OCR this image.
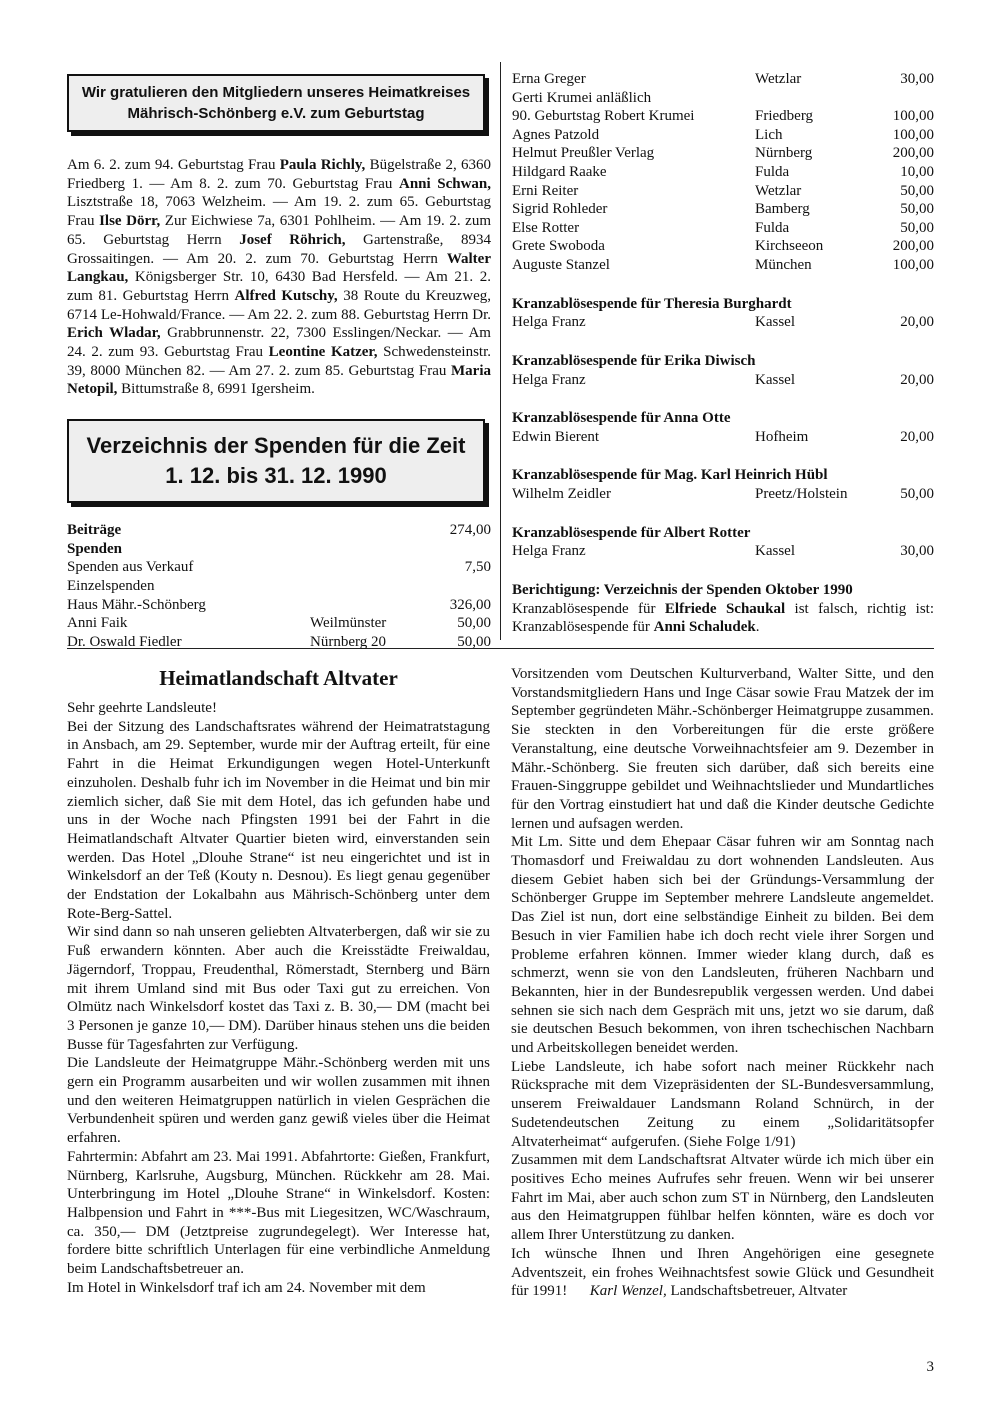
Wir gratulieren den Mitgliedern unseres Heimatkreises
Mährisch-Schönberg e.V. zum Geburtstag

Am 6. 2. zum 94. Geburtstag Frau Paula Richly, Bügelstraße 2, 6360 Friedberg 1. — Am 8. 2. zum 70. Geburtstag Frau Anni Schwan, Lisztstraße 18, 7063 Welzheim. — Am 19. 2. zum 65. Geburtstag Frau Ilse Dörr, Zur Eichwiese 7a, 6301 Pohlheim. — Am 19. 2. zum 65. Geburtstag Herrn Josef Röhrich, Gartenstraße, 8934 Grossaitingen. — Am 20. 2. zum 70. Geburtstag Herrn Walter Langkau, Königsberger Str. 10, 6430 Bad Hersfeld. — Am 21. 2. zum 81. Geburtstag Herrn Alfred Kutschy, 38 Route du Kreuzweg, 6714 Le-Hohwald/France. — Am 22. 2. zum 88. Geburtstag Herrn Dr. Erich Wladar, Grabbrunnenstr. 22, 7300 Esslingen/Neckar. — Am 24. 2. zum 93. Geburtstag Frau Leontine Katzer, Schwedensteinstr. 39, 8000 München 82. — Am 27. 2. zum 85. Geburtstag Frau Maria Netopil, Bittumstraße 8, 6991 Igersheim.

Verzeichnis der Spenden für die Zeit
1. 12. bis 31. 12. 1990
Beiträge		274,00
Spenden		
Spenden aus Verkauf		7,50
Einzelspenden		
Haus Mähr.-Schönberg		326,00
Anni Faik	Weilmünster	50,00
Dr. Oswald Fiedler	Nürnberg 20	50,00
Erna Greger	Wetzlar	30,00
Gerti Krumei anläßlich		
90. Geburtstag Robert Krumei	Friedberg	100,00
Agnes Patzold	Lich	100,00
Helmut Preußler Verlag	Nürnberg	200,00
Hildgard Raake	Fulda	10,00
Erni Reiter	Wetzlar	50,00
Sigrid Rohleder	Bamberg	50,00
Else Rotter	Fulda	50,00
Grete Swoboda	Kirchseeon	200,00
Auguste Stanzel	München	100,00
Kranzablösespende für Theresia Burghardt
Helga Franz	Kassel	20,00
Kranzablösespende für Erika Diwisch
Helga Franz	Kassel	20,00
Kranzablösespende für Anna Otte
Edwin Bierent	Hofheim	20,00
Kranzablösespende für Mag. Karl Heinrich Hübl
Wilhelm Zeidler	Preetz/Holstein	50,00
Kranzablösespende für Albert Rotter
Helga Franz	Kassel	30,00
Berichtigung: Verzeichnis der Spenden Oktober 1990
Kranzablösespende für Elfriede Schaukal ist falsch, richtig ist: Kranzablösespende für Anni Schaludek.
Heimatlandschaft Altvater

Sehr geehrte Landsleute!

Bei der Sitzung des Landschaftsrates während der Heimatratstagung in Ansbach, am 29. September, wurde mir der Auftrag erteilt, für eine Fahrt in die Heimat Erkundigungen wegen Hotel-Unterkunft einzuholen. Deshalb fuhr ich im November in die Heimat und bin mir ziemlich sicher, daß Sie mit dem Hotel, das ich gefunden habe und uns in der Woche nach Pfingsten 1991 bei der Fahrt in die Heimatlandschaft Altvater Quartier bieten wird, einverstanden sein werden. Das Hotel „Dlouhe Strane“ ist neu eingerichtet und ist in Winkelsdorf an der Teß (Kouty n. Desnou). Es liegt genau gegenüber der Endstation der Lokalbahn aus Mährisch-Schönberg unter dem Rote-Berg-Sattel.

Wir sind dann so nah unseren geliebten Altvaterbergen, daß wir sie zu Fuß erwandern könnten. Aber auch die Kreisstädte Freiwaldau, Jägerndorf, Troppau, Freudenthal, Römerstadt, Sternberg und Bärn mit ihrem Umland sind mit Bus oder Taxi gut zu erreichen. Von Olmütz nach Winkelsdorf kostet das Taxi z. B. 30,— DM (macht bei 3 Personen je ganze 10,— DM). Darüber hinaus stehen uns die beiden Busse für Tagesfahrten zur Verfügung.

Die Landsleute der Heimatgruppe Mähr.-Schönberg werden mit uns gern ein Programm ausarbeiten und wir wollen zusammen mit ihnen und den weiteren Heimatgruppen natürlich in vielen Gesprächen die Verbundenheit spüren und werden ganz gewiß vieles über die Heimat erfahren.

Fahrtermin: Abfahrt am 23. Mai 1991. Abfahrtorte: Gießen, Frankfurt, Nürnberg, Karlsruhe, Augsburg, München. Rückkehr am 28. Mai. Unterbringung im Hotel „Dlouhe Strane“ in Winkelsdorf. Kosten: Halbpension und Fahrt in ***-Bus mit Liegesitzen, WC/Waschraum, ca. 350,— DM (Jetztpreise zugrundegelegt). Wer Interesse hat, fordere bitte schriftlich Unterlagen für eine verbindliche Anmeldung beim Landschaftsbetreuer an.

Im Hotel in Winkelsdorf traf ich am 24. November mit dem

Vorsitzenden vom Deutschen Kulturverband, Walter Sitte, und den Vorstandsmitgliedern Hans und Inge Cäsar sowie Frau Matzek der im September gegründeten Mähr.-Schönberger Heimatgruppe zusammen.

Sie steckten in den Vorbereitungen für die erste größere Veranstaltung, eine deutsche Vorweihnachtsfeier am 9. Dezember in Mähr.-Schönberg. Sie freuten sich darüber, daß sich bereits eine Frauen-Singgruppe gebildet und Weihnachtslieder und Mundartliches für den Vortrag einstudiert hat und daß die Kinder deutsche Gedichte lernen und aufsagen werden.

Mit Lm. Sitte und dem Ehepaar Cäsar fuhren wir am Sonntag nach Thomasdorf und Freiwaldau zu dort wohnenden Landsleuten. Aus diesem Gebiet haben sich bei der Gründungs-Versammlung der Schönberger Gruppe im September mehrere Landsleute angemeldet. Das Ziel ist nun, dort eine selbständige Einheit zu bilden. Bei dem Besuch in vier Familien habe ich doch recht viele ihrer Sorgen und Probleme erfahren können. Immer wieder klang durch, daß es schmerzt, wenn sie von den Landsleuten, früheren Nachbarn und Bekannten, hier in der Bundesrepublik vergessen werden. Und dabei sehnen sie sich nach dem Gespräch mit uns, jetzt wo sie darum, daß sie deutschen Besuch bekommen, von ihren tschechischen Nachbarn und Arbeitskollegen beneidet werden.

Liebe Landsleute, ich habe sofort nach meiner Rückkehr nach Rücksprache mit dem Vizepräsidenten der SL-Bundesversammlung, unserem Freiwaldauer Landsmann Roland Schnürch, in der Sudetendeutschen Zeitung zu einem „Solidaritätsopfer Altvaterheimat“ aufgerufen. (Siehe Folge 1/91)

Zusammen mit dem Landschaftsrat Altvater würde ich mich über ein positives Echo meines Aufrufes sehr freuen. Wenn wir bei unserer Fahrt im Mai, aber auch schon zum ST in Nürnberg, den Landsleuten aus den Heimatgruppen fühlbar helfen könnten, wäre es doch vor allem Ihrer Unterstützung zu danken.

Ich wünsche Ihnen und Ihren Angehörigen eine gesegnete Adventszeit, ein frohes Weihnachtsfest sowie Glück und Gesundheit für 1991! Karl Wenzel, Landschaftsbetreuer, Altvater

3
